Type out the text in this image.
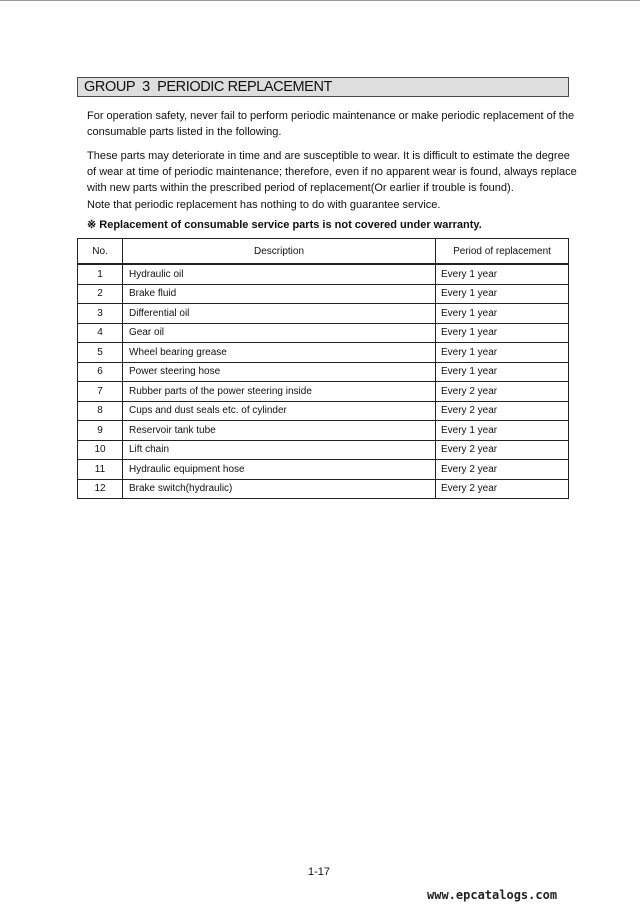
GROUP  3  PERIODIC REPLACEMENT

For operation safety, never fail to perform periodic maintenance or make periodic replacement of the
consumable parts listed in the following.

These parts may deteriorate in time and are susceptible to wear. It is difficult to estimate the degree
of wear at time of periodic maintenance; therefore, even if no apparent wear is found, always replace
with new parts within the prescribed period of replacement(Or earlier if trouble is found).
Note that periodic replacement has nothing to do with guarantee service.

※ Replacement of consumable service parts is not covered under warranty.
No.	Description	Period of replacement
1	Hydraulic oil	Every 1 year
2	Brake fluid	Every 1 year
3	Differential oil	Every 1 year
4	Gear oil	Every 1 year
5	Wheel bearing grease	Every 1 year
6	Power steering hose	Every 1 year
7	Rubber parts of the power steering inside	Every 2 year
8	Cups and dust seals etc. of cylinder	Every 2 year
9	Reservoir tank tube	Every 1 year
10	Lift chain	Every 2 year
11	Hydraulic equipment hose	Every 2 year
12	Brake switch(hydraulic)	Every 2 year
1-17
www.epcatalogs.com
